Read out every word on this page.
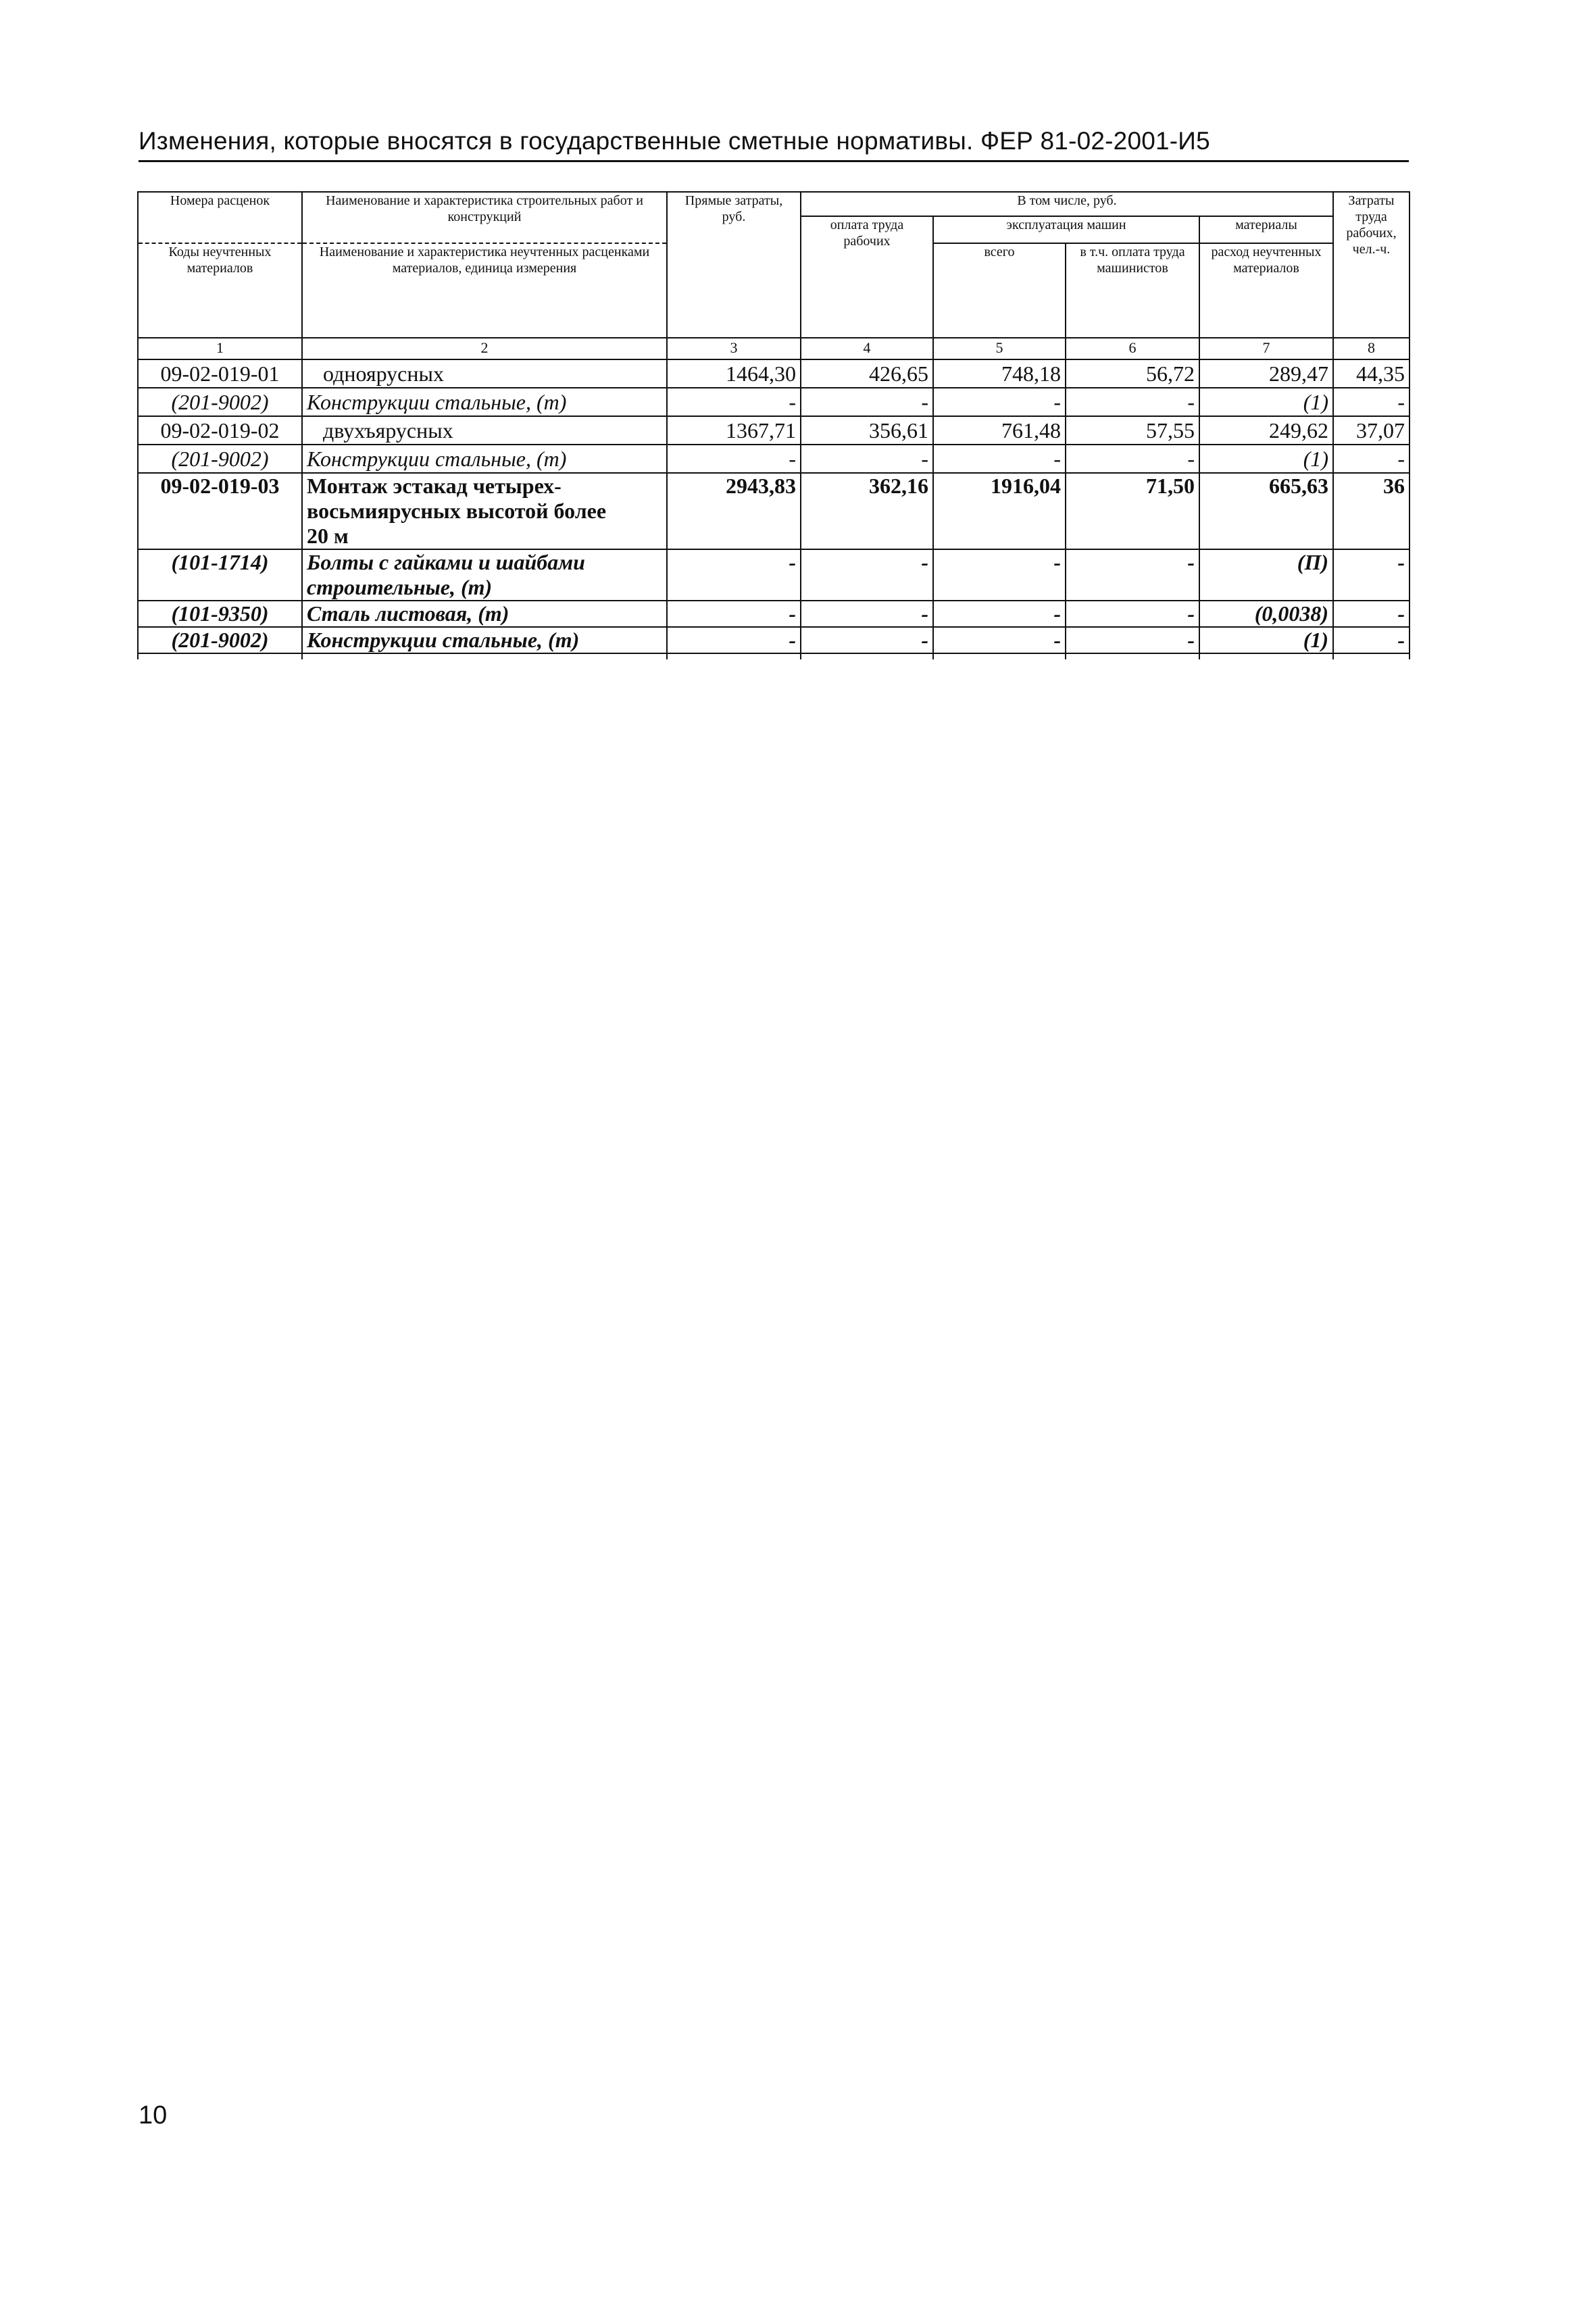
Изменения, которые вносятся в государственные сметные нормативы. ФЕР 81-02-2001-И5
Номера расценок	Наименование и характеристика строительных работ и конструкций	Прямые затраты, руб.	В том числе, руб.				Затраты труда рабочих, чел.-ч.
			оплата труда рабочих	эксплуатация машин		материалы	
Коды неучтенных материалов	Наименование и характеристика неучтенных расценками материалов, единица измерения			всего	в т.ч. оплата труда машинистов	расход неучтенных материалов	

1	2	3	4	5	6	7	8
09-02-019-01	одноярусных	1464,30	426,65	748,18	56,72	289,47	44,35
(201-9002)	Конструкции стальные, (т)	-	-	-	-	(1)	-
09-02-019-02	двухъярусных	1367,71	356,61	761,48	57,55	249,62	37,07
(201-9002)	Конструкции стальные, (т)	-	-	-	-	(1)	-
09-02-019-03	Монтаж эстакад четырех-
восьмиярусных высотой более
20 м	2943,83	362,16	1916,04	71,50	665,63	36
(101-1714)	Болты с гайками и шайбами
строительные, (т)	-	-	-	-	(П)	-
(101-9350)	Сталь листовая, (т)	-	-	-	-	(0,0038)	-
(201-9002)	Конструкции стальные, (т)	-	-	-	-	(1)	-

10
